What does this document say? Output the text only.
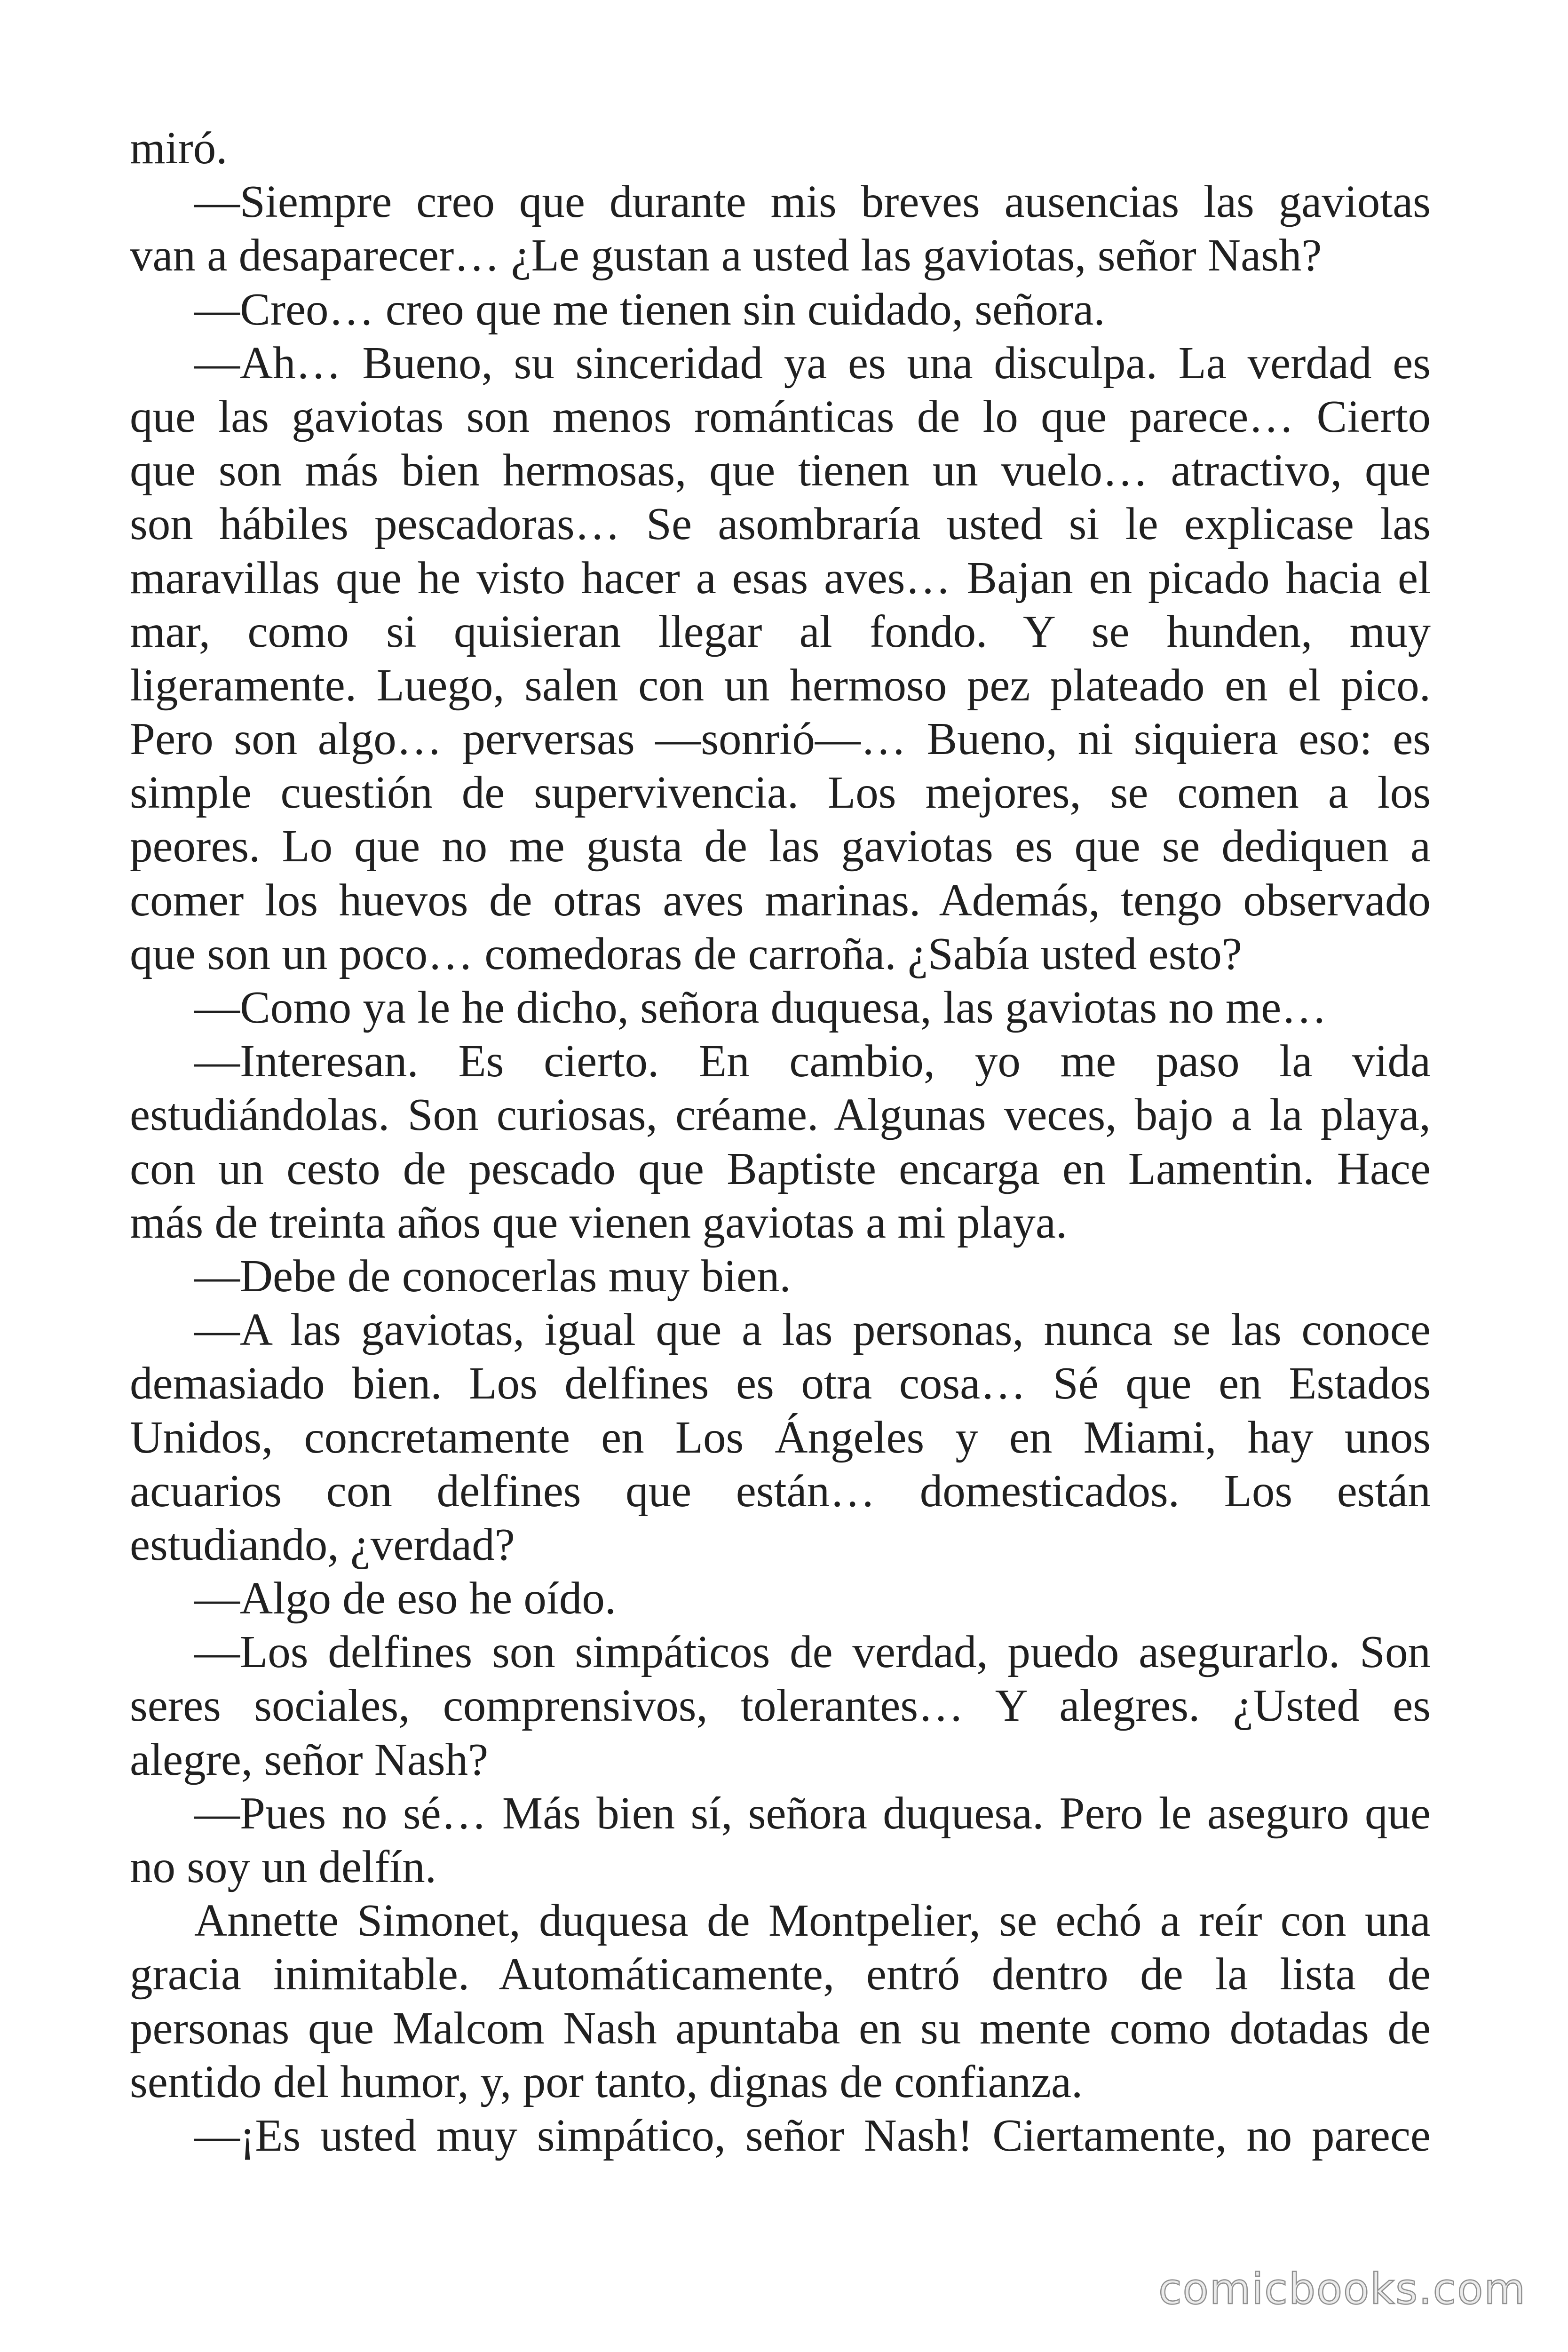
miró.
—Siempre creo que durante mis breves ausencias las gaviotas
van a desaparecer… ¿Le gustan a usted las gaviotas, señor Nash?
—Creo… creo que me tienen sin cuidado, señora.
—Ah… Bueno, su sinceridad ya es una disculpa. La verdad es
que las gaviotas son menos románticas de lo que parece… Cierto
que son más bien hermosas, que tienen un vuelo… atractivo, que
son hábiles pescadoras… Se asombraría usted si le explicase las
maravillas que he visto hacer a esas aves… Bajan en picado hacia el
mar, como si quisieran llegar al fondo. Y se hunden, muy
ligeramente. Luego, salen con un hermoso pez plateado en el pico.
Pero son algo… perversas —sonrió—… Bueno, ni siquiera eso: es
simple cuestión de supervivencia. Los mejores, se comen a los
peores. Lo que no me gusta de las gaviotas es que se dediquen a
comer los huevos de otras aves marinas. Además, tengo observado
que son un poco… comedoras de carroña. ¿Sabía usted esto?
—Como ya le he dicho, señora duquesa, las gaviotas no me…
—Interesan. Es cierto. En cambio, yo me paso la vida
estudiándolas. Son curiosas, créame. Algunas veces, bajo a la playa,
con un cesto de pescado que Baptiste encarga en Lamentin. Hace
más de treinta años que vienen gaviotas a mi playa.
—Debe de conocerlas muy bien.
—A las gaviotas, igual que a las personas, nunca se las conoce
demasiado bien. Los delfines es otra cosa… Sé que en Estados
Unidos, concretamente en Los Ángeles y en Miami, hay unos
acuarios con delfines que están… domesticados. Los están
estudiando, ¿verdad?
—Algo de eso he oído.
—Los delfines son simpáticos de verdad, puedo asegurarlo. Son
seres sociales, comprensivos, tolerantes… Y alegres. ¿Usted es
alegre, señor Nash?
—Pues no sé… Más bien sí, señora duquesa. Pero le aseguro que
no soy un delfín.
Annette Simonet, duquesa de Montpelier, se echó a reír con una
gracia inimitable. Automáticamente, entró dentro de la lista de
personas que Malcom Nash apuntaba en su mente como dotadas de
sentido del humor, y, por tanto, dignas de confianza.
—¡Es usted muy simpático, señor Nash! Ciertamente, no parece
comicbooks.com
